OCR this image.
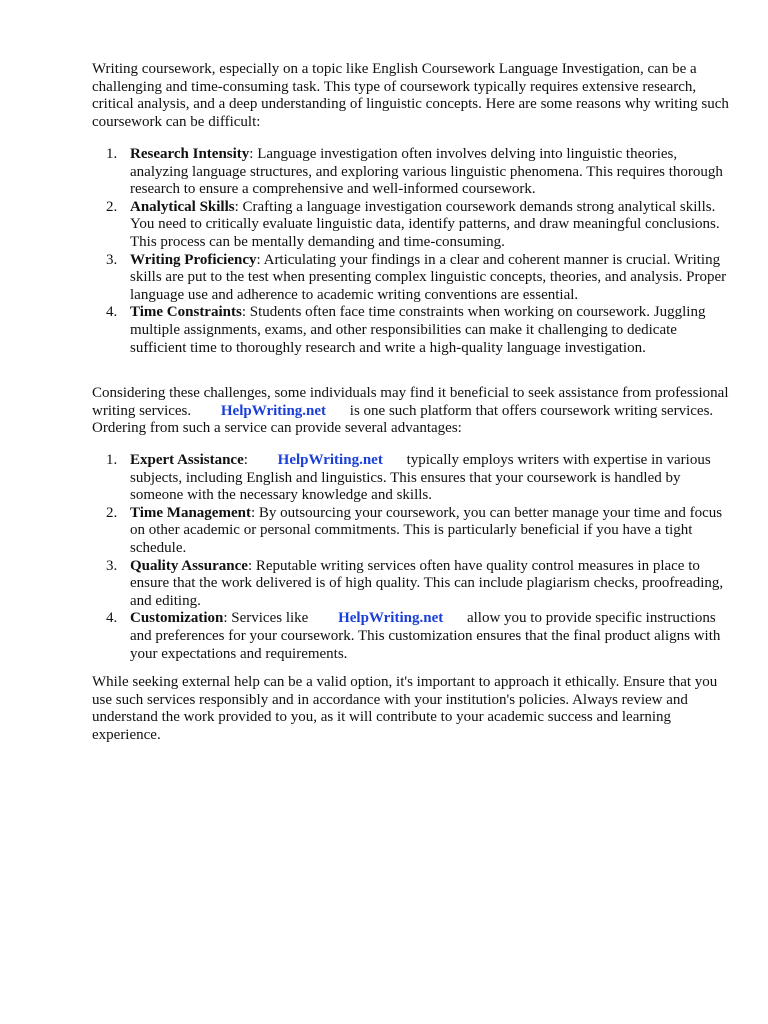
Writing coursework, especially on a topic like English Coursework Language Investigation, can be a challenging and time-consuming task. This type of coursework typically requires extensive research, critical analysis, and a deep understanding of linguistic concepts. Here are some reasons why writing such coursework can be difficult:

1. Research Intensity: Language investigation often involves delving into linguistic theories, analyzing language structures, and exploring various linguistic phenomena. This requires thorough research to ensure a comprehensive and well-informed coursework.
2. Analytical Skills: Crafting a language investigation coursework demands strong analytical skills. You need to critically evaluate linguistic data, identify patterns, and draw meaningful conclusions. This process can be mentally demanding and time-consuming.
3. Writing Proficiency: Articulating your findings in a clear and coherent manner is crucial. Writing skills are put to the test when presenting complex linguistic concepts, theories, and analysis. Proper language use and adherence to academic writing conventions are essential.
4. Time Constraints: Students often face time constraints when working on coursework. Juggling multiple assignments, exams, and other responsibilities can make it challenging to dedicate sufficient time to thoroughly research and write a high-quality language investigation.

Considering these challenges, some individuals may find it beneficial to seek assistance from professional writing services. HelpWriting.net is one such platform that offers coursework writing services. Ordering from such a service can provide several advantages:

1. Expert Assistance: HelpWriting.net typically employs writers with expertise in various subjects, including English and linguistics. This ensures that your coursework is handled by someone with the necessary knowledge and skills.
2. Time Management: By outsourcing your coursework, you can better manage your time and focus on other academic or personal commitments. This is particularly beneficial if you have a tight schedule.
3. Quality Assurance: Reputable writing services often have quality control measures in place to ensure that the work delivered is of high quality. This can include plagiarism checks, proofreading, and editing.
4. Customization: Services like HelpWriting.net allow you to provide specific instructions and preferences for your coursework. This customization ensures that the final product aligns with your expectations and requirements.

While seeking external help can be a valid option, it's important to approach it ethically. Ensure that you use such services responsibly and in accordance with your institution's policies. Always review and understand the work provided to you, as it will contribute to your academic success and learning experience.
